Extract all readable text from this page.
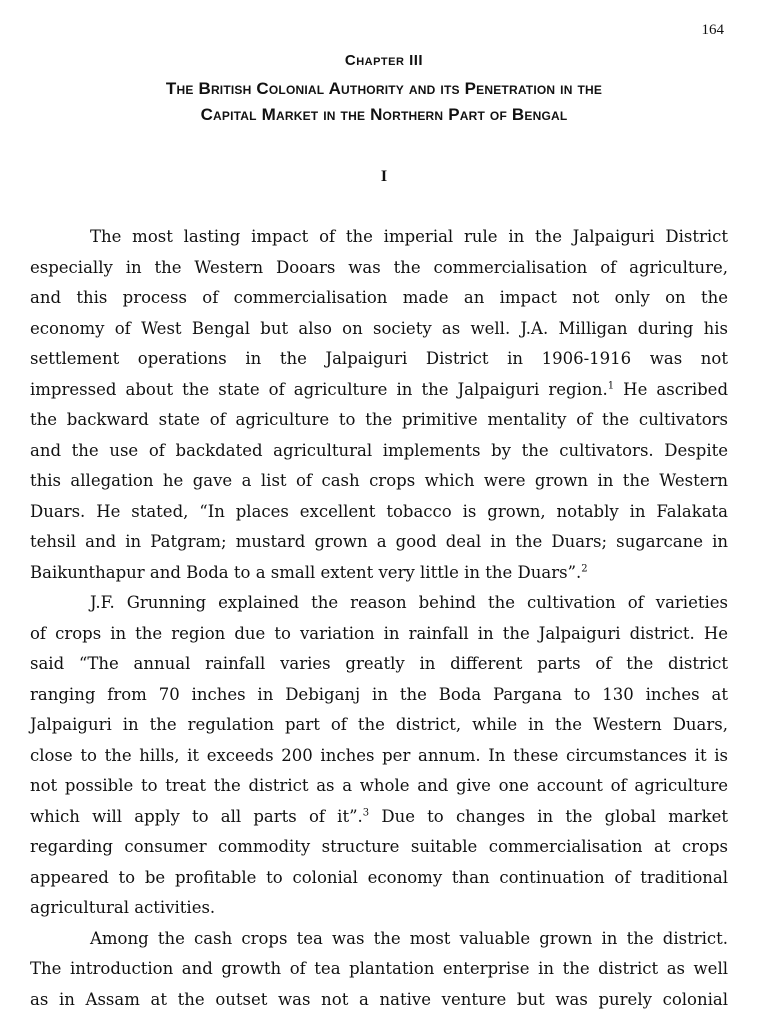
164
Chapter III
The British Colonial Authority and its Penetration in the
Capital Market in the Northern Part of Bengal
I
The most lasting impact of the imperial rule in the Jalpaiguri District
especially in the Western Dooars was the commercialisation of agriculture,
and this process of commercialisation made an impact not only on the
economy of West Bengal but also on society as well. J.A. Milligan during his
settlement operations in the Jalpaiguri District in 1906-1916 was not
impressed about the state of agriculture in the Jalpaiguri region.$^1$ He ascribed
the backward state of agriculture to the primitive mentality of the cultivators
and the use of backdated agricultural implements by the cultivators. Despite
this allegation he gave a list of cash crops which were grown in the Western
Duars. He stated, “In places excellent tobacco is grown, notably in Falakata
tehsil and in Patgram; mustard grown a good deal in the Duars; sugarcane in
Baikunthapur and Boda to a small extent very little in the Duars”.$^2$
J.F. Grunning explained the reason behind the cultivation of varieties
of crops in the region due to variation in rainfall in the Jalpaiguri district. He
said “The annual rainfall varies greatly in different parts of the district
ranging from 70 inches in Debiganj in the Boda Pargana to 130 inches at
Jalpaiguri in the regulation part of the district, while in the Western Duars,
close to the hills, it exceeds 200 inches per annum. In these circumstances it is
not possible to treat the district as a whole and give one account of agriculture
which will apply to all parts of it”.$^3$ Due to changes in the global market
regarding consumer commodity structure suitable commercialisation at crops
appeared to be profitable to colonial economy than continuation of traditional
agricultural activities.
Among the cash crops tea was the most valuable grown in the district.
The introduction and growth of tea plantation enterprise in the district as well
as in Assam at the outset was not a native venture but was purely colonial
